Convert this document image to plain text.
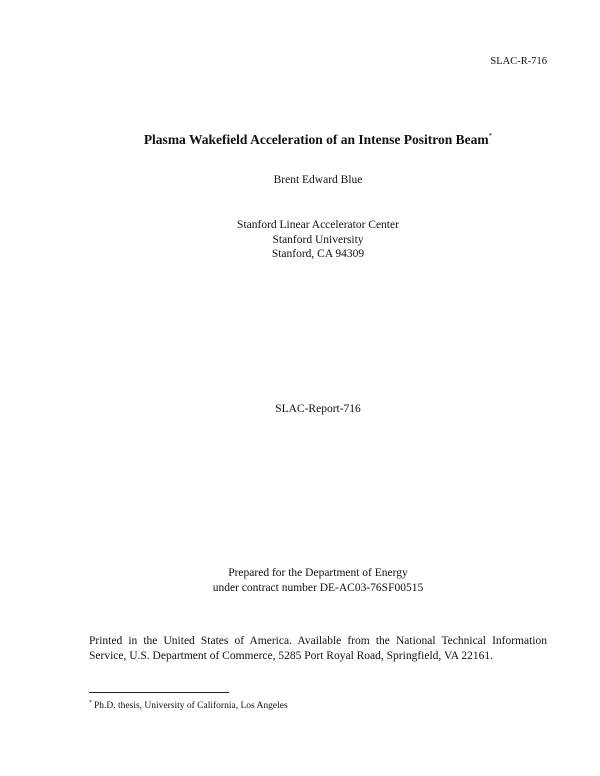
SLAC-R-716
Plasma Wakefield Acceleration of an Intense Positron Beam*
Brent Edward Blue
Stanford Linear Accelerator Center
Stanford University
Stanford, CA 94309
SLAC-Report-716
Prepared for the Department of Energy
under contract number DE-AC03-76SF00515
Printed in the United States of America. Available from the National Technical Information Service, U.S. Department of Commerce, 5285 Port Royal Road, Springfield, VA 22161.
* Ph.D. thesis, University of California, Los Angeles
